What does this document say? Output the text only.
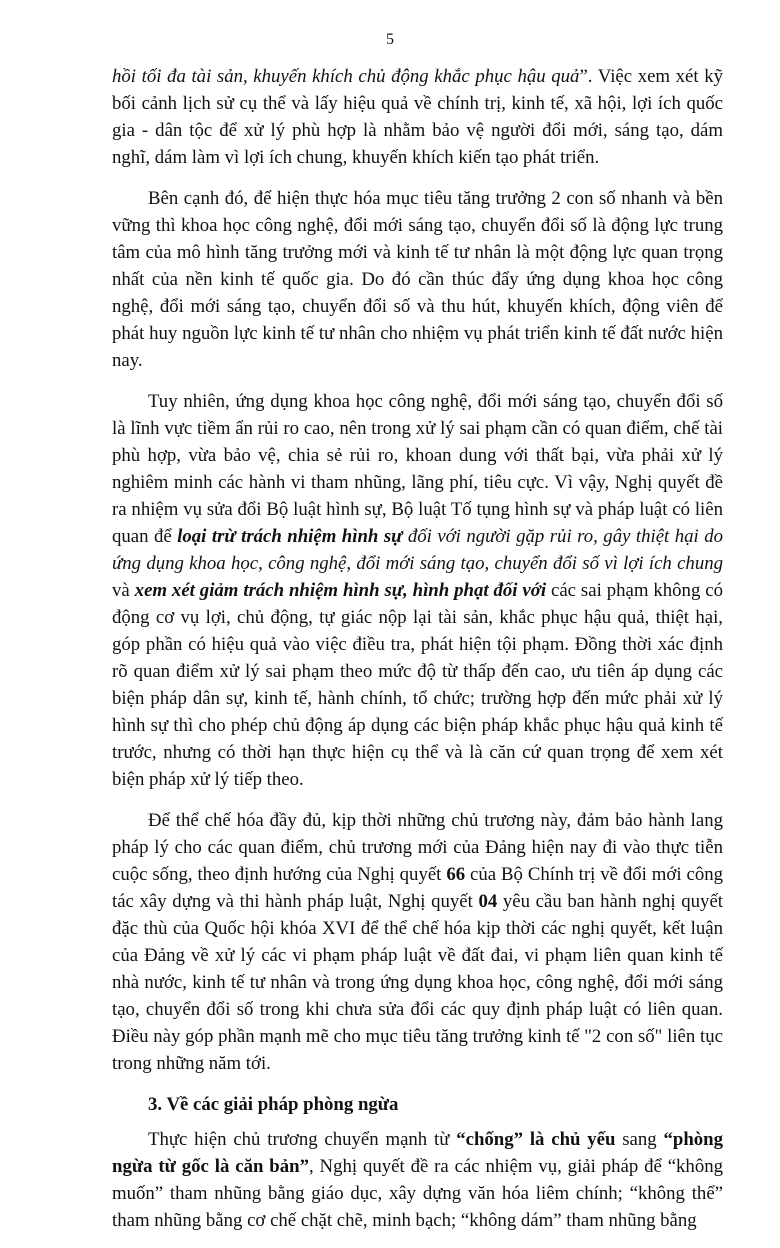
5

hồi tối đa tài sản, khuyến khích chủ động khắc phục hậu quả”. Việc xem xét kỹ bối cảnh lịch sử cụ thể và lấy hiệu quả về chính trị, kinh tế, xã hội, lợi ích quốc gia - dân tộc để xử lý phù hợp là nhằm bảo vệ người đổi mới, sáng tạo, dám nghĩ, dám làm vì lợi ích chung, khuyến khích kiến tạo phát triển.

Bên cạnh đó, để hiện thực hóa mục tiêu tăng trưởng 2 con số nhanh và bền vững thì khoa học công nghệ, đổi mới sáng tạo, chuyển đổi số là động lực trung tâm của mô hình tăng trưởng mới và kinh tế tư nhân là một động lực quan trọng nhất của nền kinh tế quốc gia. Do đó cần thúc đẩy ứng dụng khoa học công nghệ, đổi mới sáng tạo, chuyển đổi số và thu hút, khuyến khích, động viên để phát huy nguồn lực kinh tế tư nhân cho nhiệm vụ phát triển kinh tế đất nước hiện nay.

Tuy nhiên, ứng dụng khoa học công nghệ, đổi mới sáng tạo, chuyển đổi số là lĩnh vực tiềm ẩn rủi ro cao, nên trong xử lý sai phạm cần có quan điểm, chế tài phù hợp, vừa bảo vệ, chia sẻ rủi ro, khoan dung với thất bại, vừa phải xử lý nghiêm minh các hành vi tham nhũng, lãng phí, tiêu cực. Vì vậy, Nghị quyết đề ra nhiệm vụ sửa đổi Bộ luật hình sự, Bộ luật Tố tụng hình sự và pháp luật có liên quan để loại trừ trách nhiệm hình sự đối với người gặp rủi ro, gây thiệt hại do ứng dụng khoa học, công nghệ, đổi mới sáng tạo, chuyển đổi số vì lợi ích chung và xem xét giảm trách nhiệm hình sự, hình phạt đối với các sai phạm không có động cơ vụ lợi, chủ động, tự giác nộp lại tài sản, khắc phục hậu quả, thiệt hại, góp phần có hiệu quả vào việc điều tra, phát hiện tội phạm. Đồng thời xác định rõ quan điểm xử lý sai phạm theo mức độ từ thấp đến cao, ưu tiên áp dụng các biện pháp dân sự, kinh tế, hành chính, tổ chức; trường hợp đến mức phải xử lý hình sự thì cho phép chủ động áp dụng các biện pháp khắc phục hậu quả kinh tế trước, nhưng có thời hạn thực hiện cụ thể và là căn cứ quan trọng để xem xét biện pháp xử lý tiếp theo.

Để thể chế hóa đầy đủ, kịp thời những chủ trương này, đảm bảo hành lang pháp lý cho các quan điểm, chủ trương mới của Đảng hiện nay đi vào thực tiễn cuộc sống, theo định hướng của Nghị quyết 66 của Bộ Chính trị về đổi mới công tác xây dựng và thi hành pháp luật, Nghị quyết 04 yêu cầu ban hành nghị quyết đặc thù của Quốc hội khóa XVI để thể chế hóa kịp thời các nghị quyết, kết luận của Đảng về xử lý các vi phạm pháp luật về đất đai, vi phạm liên quan kinh tế nhà nước, kinh tế tư nhân và trong ứng dụng khoa học, công nghệ, đổi mới sáng tạo, chuyển đổi số trong khi chưa sửa đổi các quy định pháp luật có liên quan. Điều này góp phần mạnh mẽ cho mục tiêu tăng trưởng kinh tế "2 con số" liên tục trong những năm tới.

3. Về các giải pháp phòng ngừa

Thực hiện chủ trương chuyển mạnh từ “chống” là chủ yếu sang “phòng ngừa từ gốc là căn bản”, Nghị quyết đề ra các nhiệm vụ, giải pháp để “không muốn” tham nhũng bằng giáo dục, xây dựng văn hóa liêm chính; “không thể” tham nhũng bằng cơ chế chặt chẽ, minh bạch; “không dám” tham nhũng bằng
